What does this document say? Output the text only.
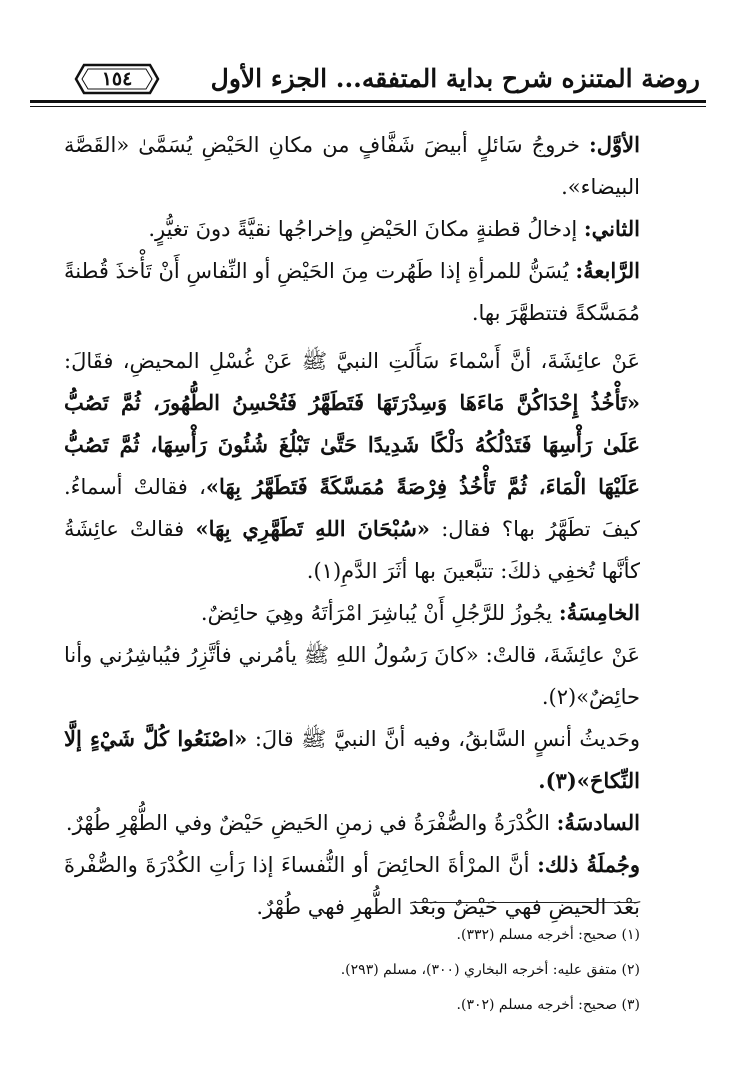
روضة المتنزه شرح بداية المتفقه... الجزء الأول
١٥٤

الأوَّل: خروجُ سَائلٍ أبيضَ شَفَّافٍ من مكانِ الحَيْضِ يُسَمَّىٰ «القَصَّة البيضاء».

الثاني: إدخالُ قطنةٍ مكانَ الحَيْضِ وإخراجُها نقيَّةً دونَ تغيُّرٍ.

الرَّابعةُ: يُسَنُّ للمرأةِ إذا طَهُرت مِنَ الحَيْضِ أو النِّفاسِ أَنْ تَأْخذَ قُطنةً مُمَسَّكةً فتتطهَّرَ بها.

عَنْ عائِشَةَ، أنَّ أَسْماءَ سَأَلَتِ النبيَّ ﷺ عَنْ غُسْلِ المحيضِ، فقَالَ: «تَأْخُذُ إِحْدَاكُنَّ مَاءَهَا وَسِدْرَتَهَا فَتَطَهَّرُ فَتُحْسِنُ الطُّهُورَ، ثُمَّ تَصُبُّ عَلَىٰ رَأْسِهَا فَتَدْلُكُهُ دَلْكًا شَدِيدًا حَتَّىٰ تَبْلُغَ شُئُونَ رَأْسِهَا، ثُمَّ تَصُبُّ عَلَيْهَا الْمَاءَ، ثُمَّ تَأْخُذُ فِرْصَةً مُمَسَّكَةً فَتَطَهَّرُ بِهَا»، فقالتْ أسماءُ. كيفَ تطَهَّرُ بها؟ فقال: «سُبْحَانَ اللهِ تَطَهَّرِي بِهَا» فقالتْ عائِشَةُ كأنَّها تُخفِي ذلكَ: تتبَّعينَ بها أثَرَ الدَّمِ(١).

الخامِسَةُ: يجُوزُ للرَّجُلِ أَنْ يُباشِرَ امْرَأتَهُ وهِيَ حائِضٌ.

عَنْ عائِشَةَ، قالتْ: «كانَ رَسُولُ اللهِ ﷺ يأمُرني فأتَّزِرُ فيُباشِرُني وأنا حائِضٌ»(٢).

وحَديثُ أنسٍ السَّابقُ، وفيه أنَّ النبيَّ ﷺ قالَ: «اصْنَعُوا كُلَّ شَيْءٍ إلَّا النِّكاحَ»(٣).

السادسَةُ: الكُدْرَةُ والصُّفْرَةُ في زمنِ الحَيضِ حَيْضٌ وفي الطُّهْرِ طُهْرٌ.

وجُملَةُ ذلك: أنَّ المرْأةَ الحائِضَ أو النُّفساءَ إذا رَأتِ الكُدْرَةَ والصُّفْرةَ بَعْدَ الحيضِ فهي حَيْضٌ وبَعْدَ الطُّهرِ فهي طُهْرٌ.

(١) صحيح: أخرجه مسلم (٣٣٢).

(٢) متفق عليه: أخرجه البخاري (٣٠٠)، مسلم (٢٩٣).

(٣) صحيح: أخرجه مسلم (٣٠٢).
